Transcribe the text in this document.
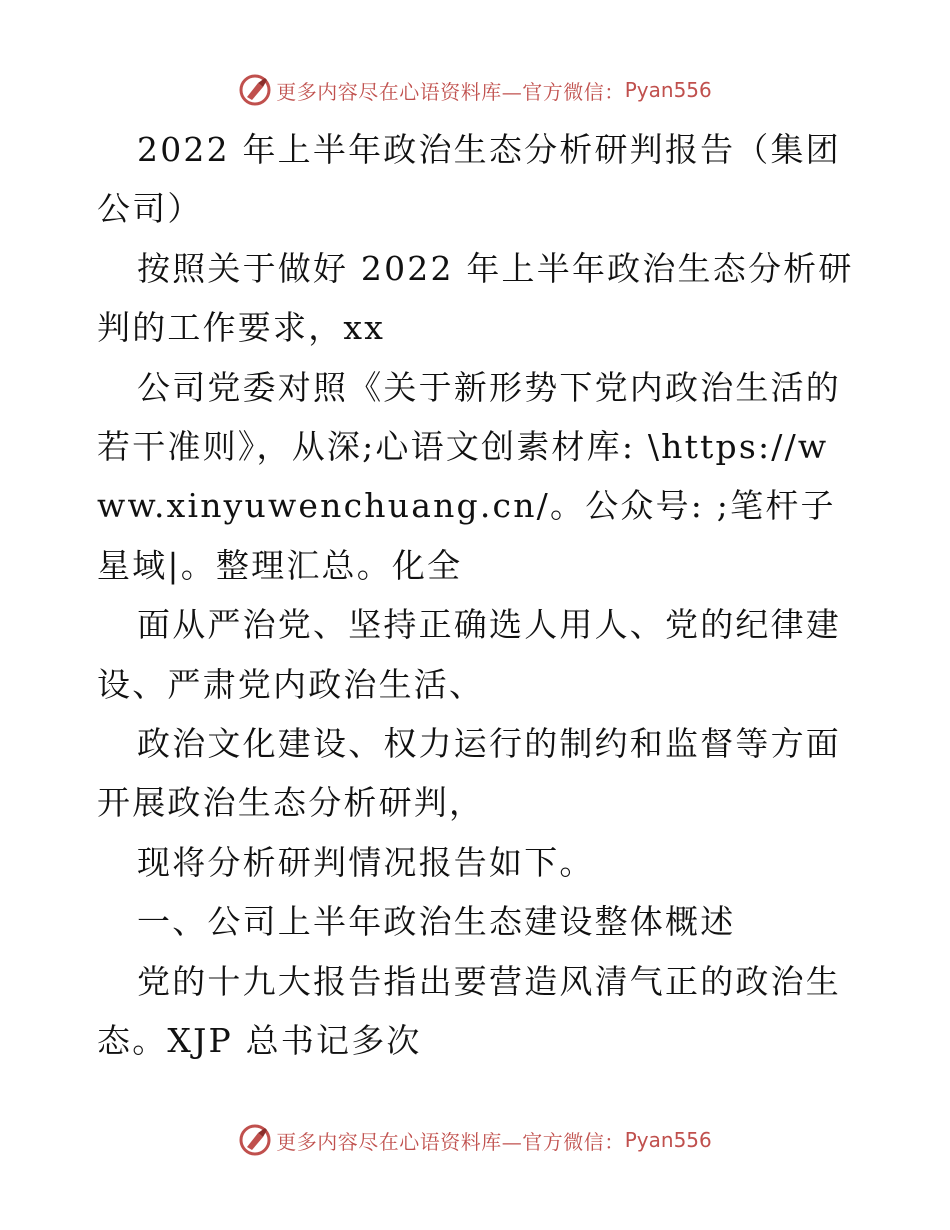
更多内容尽在心语资料库—官方微信： Pyan556

2022 年上半年政治生态分析研判报告（集团公司）

按照关于做好 2022 年上半年政治生态分析研判的工作要求，xx

公司党委对照《关于新形势下党内政治生活的若干准则》，从深;心语文创素材库: \https://www.xinyuwenchuang.cn/。公众号: ;笔杆子星域|。整理汇总。化全

面从严治党、坚持正确选人用人、党的纪律建设、严肃党内政治生活、

政治文化建设、权力运行的制约和监督等方面开展政治生态分析研判，

现将分析研判情况报告如下。

一、公司上半年政治生态建设整体概述

党的十九大报告指出要营造风清气正的政治生态。XJP 总书记多次

更多内容尽在心语资料库—官方微信： Pyan556
